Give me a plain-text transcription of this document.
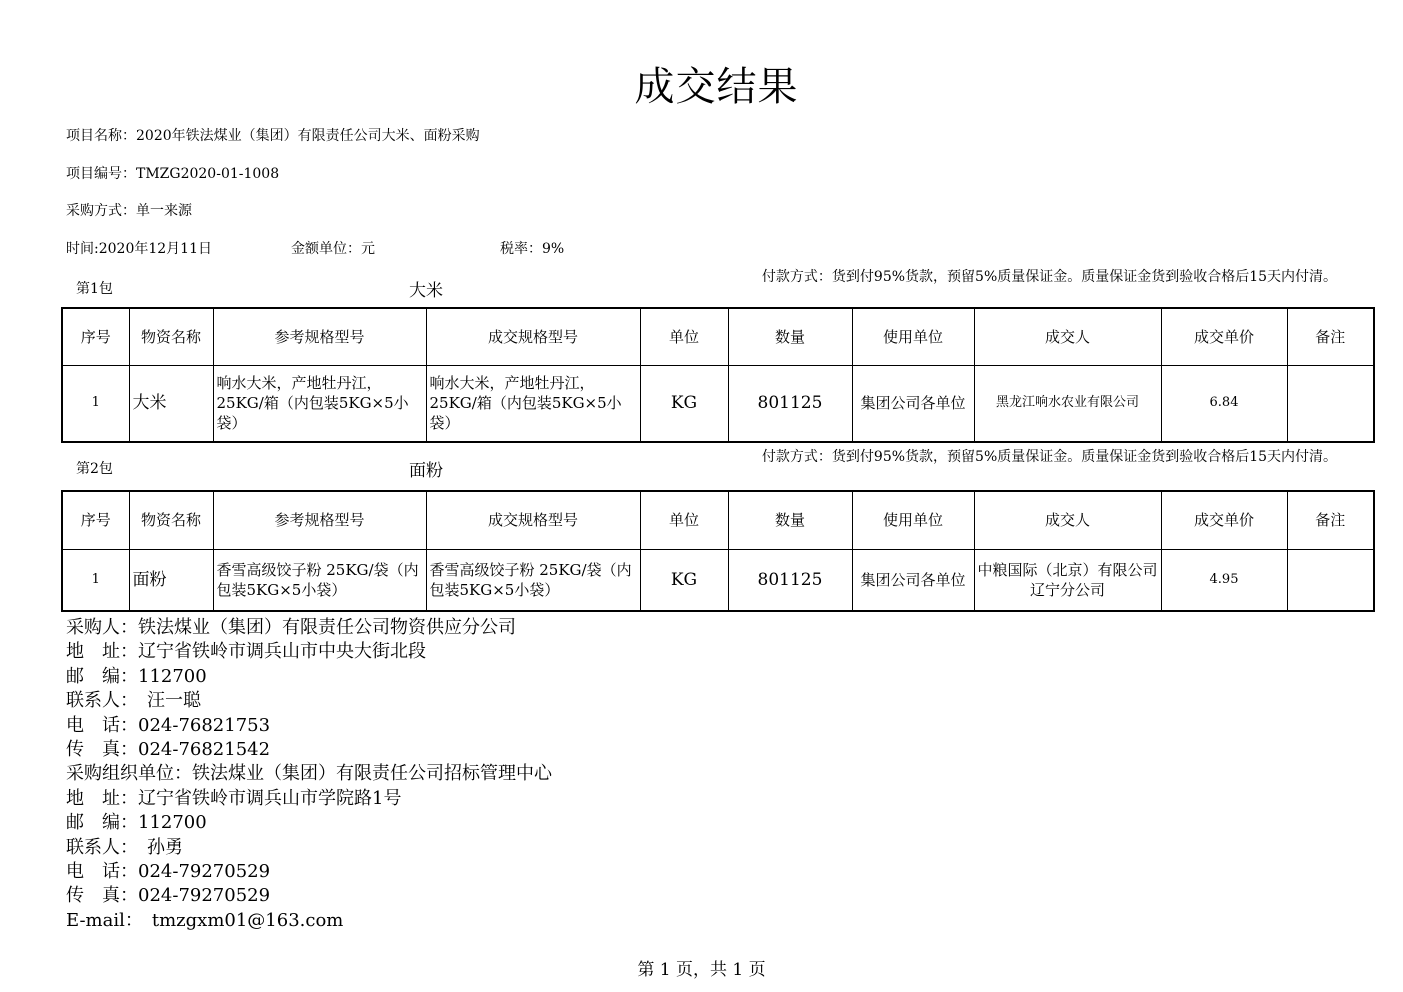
成交结果
项目名称：2020年铁法煤业（集团）有限责任公司大米、面粉采购
项目编号：TMZG2020-01-1008
采购方式：单一来源
时间:2020年12月11日	金额单位：元	税率：9%
第1包	大米
付款方式：货到付95%货款，预留5%质量保证金。质量保证金货到验收合格后15天内付清。
序号	物资名称	参考规格型号	成交规格型号	单位	数量	使用单位	成交人	成交单价	备注
1	大米	响水大米，产地牡丹江，25KG/箱（内包装5KG×5小袋）	响水大米，产地牡丹江，25KG/箱（内包装5KG×5小袋）	KG	801125	集团公司各单位	黑龙江响水农业有限公司	6.84	
第2包	面粉
付款方式：货到付95%货款，预留5%质量保证金。质量保证金货到验收合格后15天内付清。
序号	物资名称	参考规格型号	成交规格型号	单位	数量	使用单位	成交人	成交单价	备注
1	面粉	香雪高级饺子粉 25KG/袋（内包装5KG×5小袋）	香雪高级饺子粉 25KG/袋（内包装5KG×5小袋）	KG	801125	集团公司各单位	中粮国际（北京）有限公司辽宁分公司	4.95	
采购人：铁法煤业（集团）有限责任公司物资供应分公司
地　址：辽宁省铁岭市调兵山市中央大街北段
邮　编：112700
联系人：　汪一聪
电　话：024-76821753
传　真：024-76821542
采购组织单位：铁法煤业（集团）有限责任公司招标管理中心
地　址：辽宁省铁岭市调兵山市学院路1号
邮　编：112700
联系人：　孙勇
电　话：024-79270529
传　真：024-79270529
E-mail：　tmzgxm01@163.com
第 1 页，共 1 页
